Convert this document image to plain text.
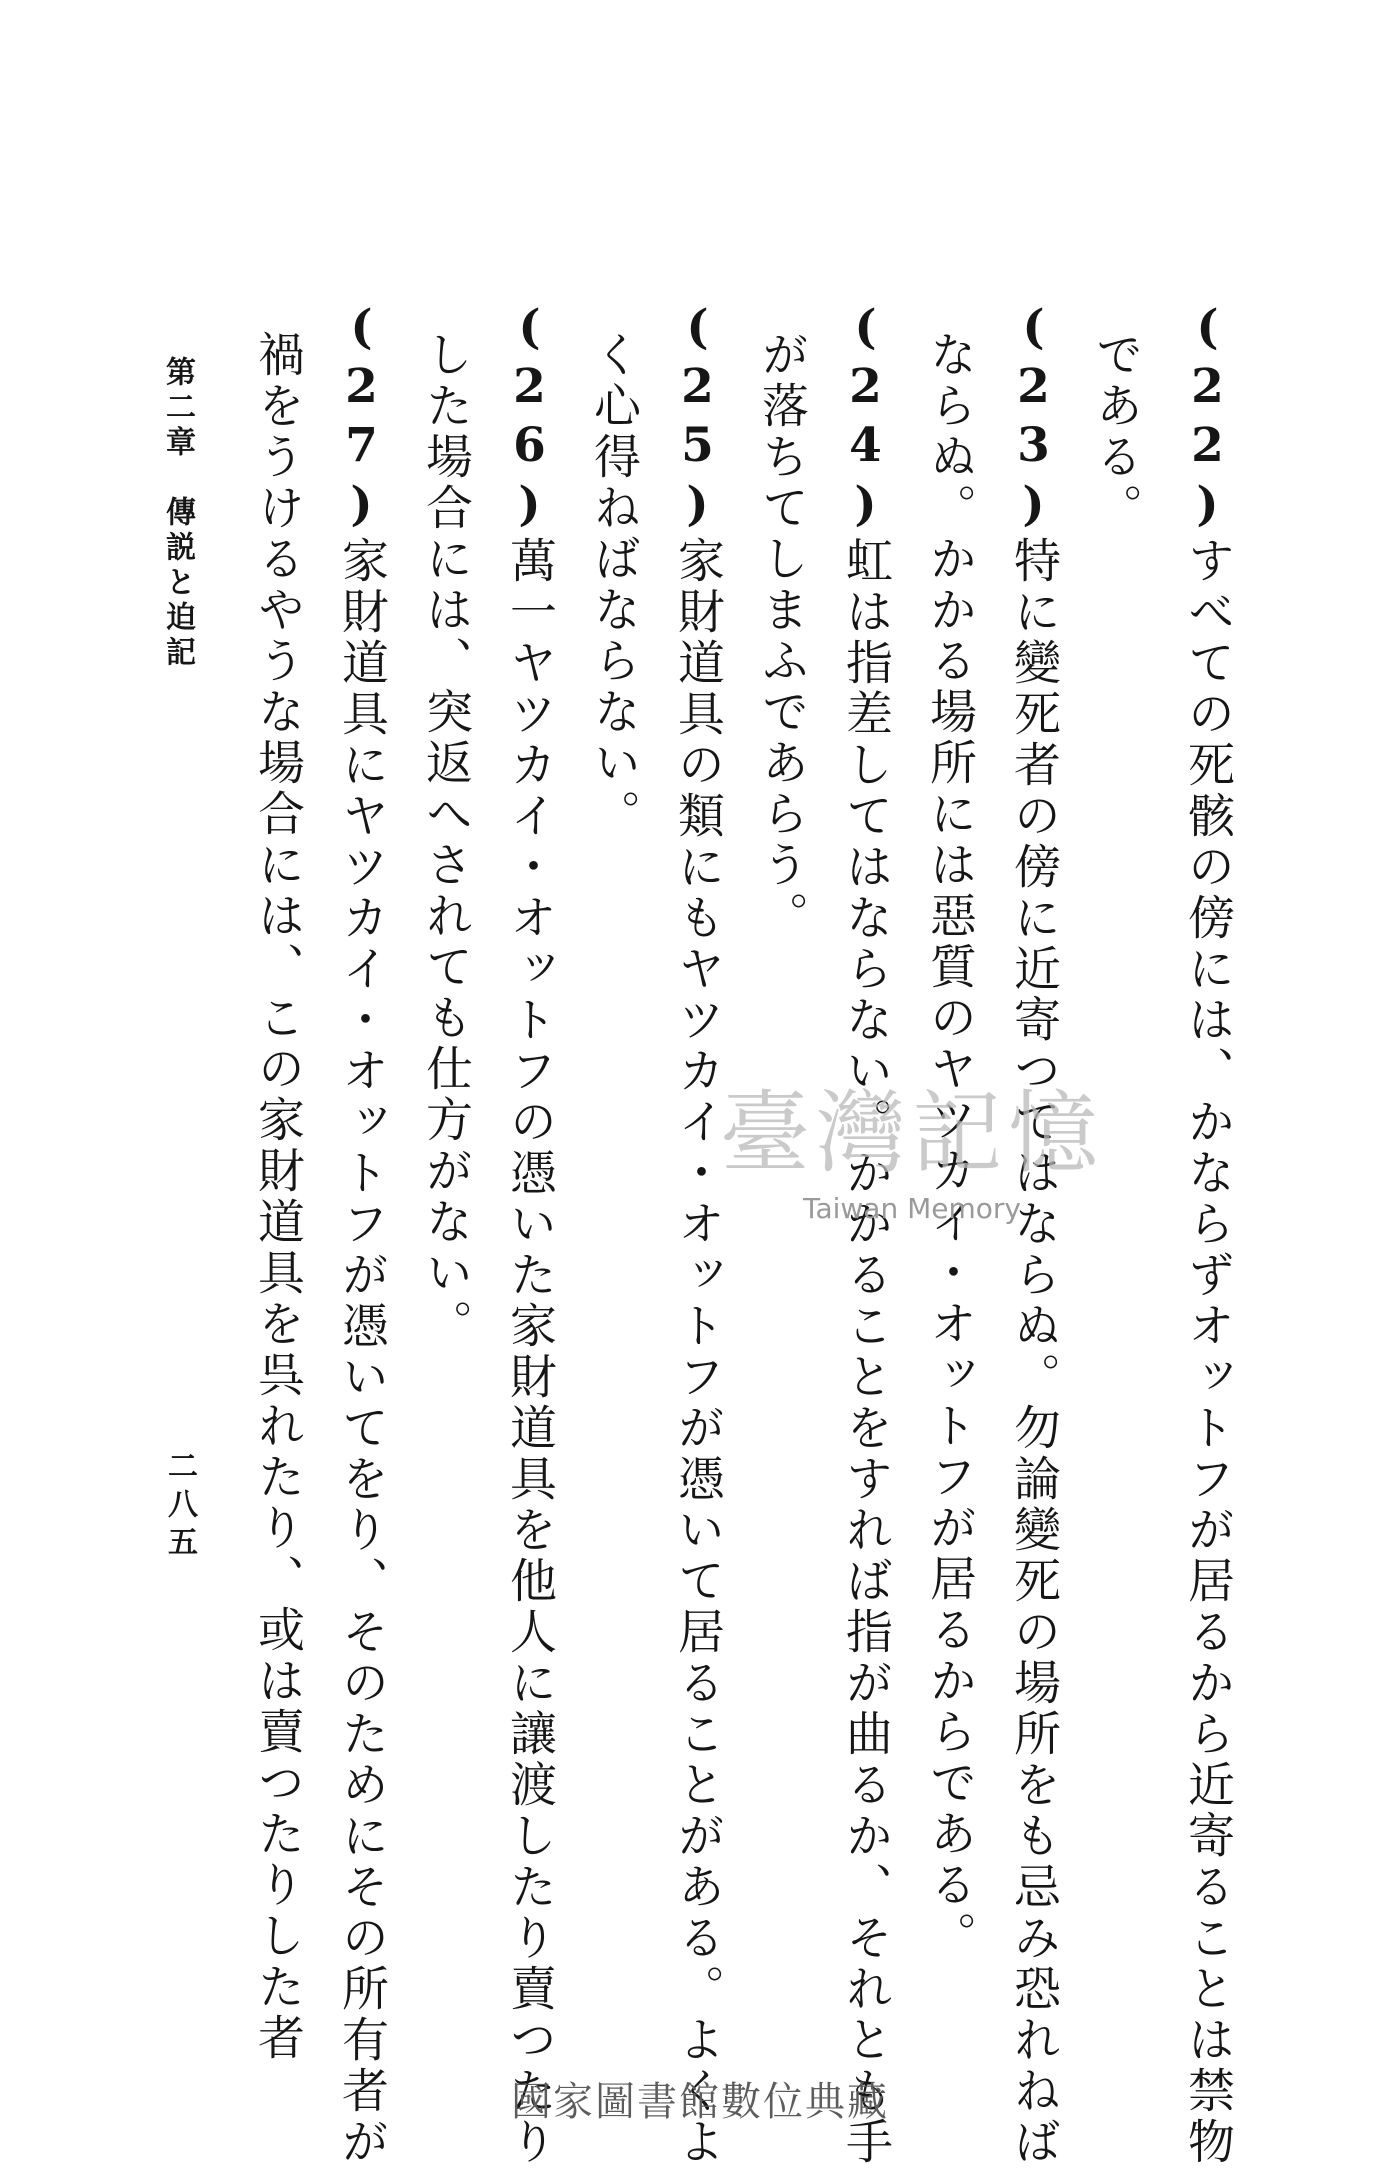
(22)すべての死骸の傍には、かならずオットフが居るから近寄ることは禁物
である。
(23)特に變死者の傍に近寄つてはならぬ。勿論變死の場所をも忌み恐れねば
ならぬ。かかる場所には惡質のヤツカイ・オットフが居るからである。
(24)虹は指差してはならない。かかることをすれば指が曲るか、それとも手
が落ちてしまふであらう。
(25)家財道具の類にもヤツカイ・オットフが憑いて居ることがある。よくよ
く心得ねばならない。
(26)萬一ヤツカイ・オットフの憑いた家財道具を他人に讓渡したり賣つたり
した場合には、突返へされても仕方がない。
(27)家財道具にヤツカイ・オットフが憑いてをり、そのためにその所有者が
禍をうけるやうな場合には、この家財道具を呉れたり、或は賣つたりした者
第二章　傳説と迫記
二八五
臺灣記憶
Taiwan Memory
國家圖書館數位典藏
